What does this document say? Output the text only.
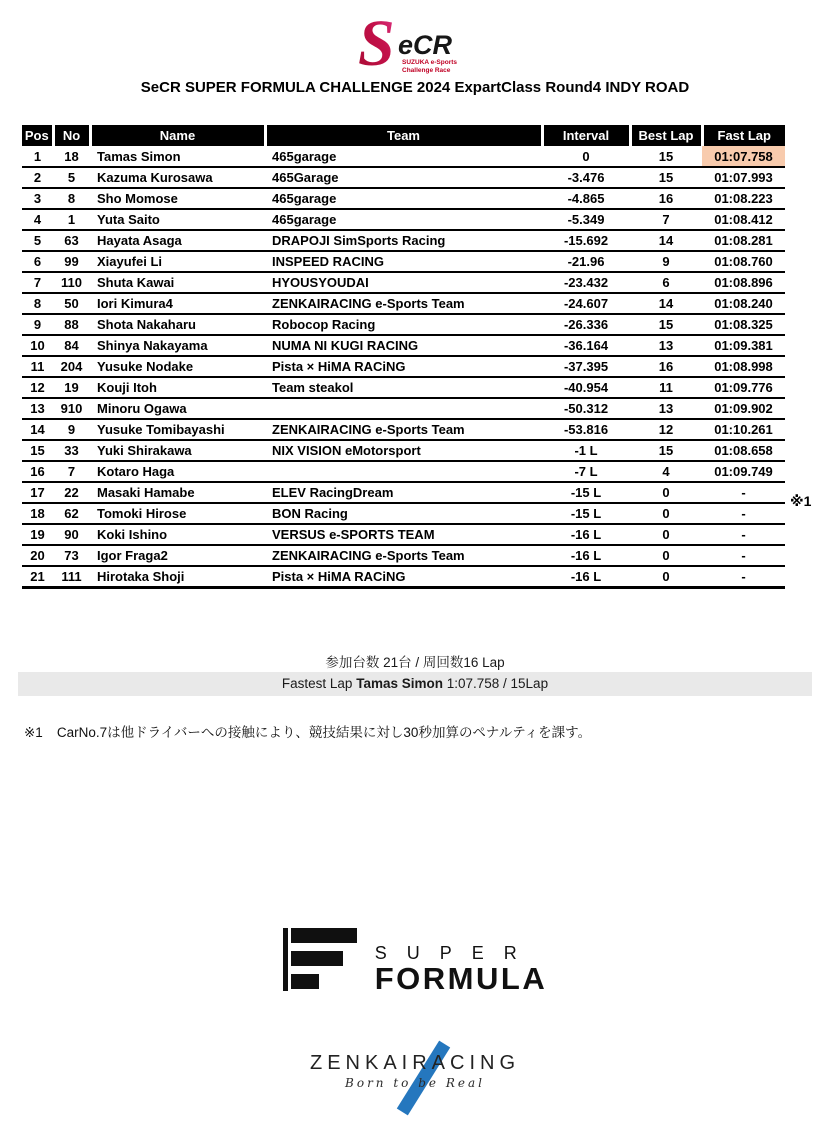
S eCR
SUZUKA e-Sports
Challenge Race
SeCR SUPER FORMULA CHALLENGE 2024 ExpartClass Round4 INDY ROAD
Pos	No	Name	Team	Interval	Best Lap	Fast Lap
1	18	Tamas Simon	465garage	0	15	01:07.758
2	5	Kazuma Kurosawa	465Garage	-3.476	15	01:07.993
3	8	Sho Momose	465garage	-4.865	16	01:08.223
4	1	Yuta Saito	465garage	-5.349	7	01:08.412
5	63	Hayata Asaga	DRAPOJI SimSports Racing	-15.692	14	01:08.281
6	99	Xiayufei Li	INSPEED RACING	-21.96	9	01:08.760
7	110	Shuta Kawai	HYOUSYOUDAI	-23.432	6	01:08.896
8	50	Iori Kimura4	ZENKAIRACING e-Sports Team	-24.607	14	01:08.240
9	88	Shota Nakaharu	Robocop Racing	-26.336	15	01:08.325
10	84	Shinya Nakayama	NUMA NI KUGI RACING	-36.164	13	01:09.381
11	204	Yusuke Nodake	Pista × HiMA RACiNG	-37.395	16	01:08.998
12	19	Kouji Itoh	Team steakol	-40.954	11	01:09.776
13	910	Minoru Ogawa		-50.312	13	01:09.902
14	9	Yusuke Tomibayashi	ZENKAIRACING e-Sports Team	-53.816	12	01:10.261
15	33	Yuki Shirakawa	NIX VISION eMotorsport	-1 L	15	01:08.658
16	7	Kotaro Haga		-7 L	4	01:09.749
17	22	Masaki Hamabe	ELEV RacingDream	-15 L	0	-
18	62	Tomoki Hirose	BON Racing	-15 L	0	-
19	90	Koki Ishino	VERSUS e-SPORTS TEAM	-16 L	0	-
20	73	Igor Fraga2	ZENKAIRACING e-Sports Team	-16 L	0	-
21	111	Hirotaka Shoji	Pista × HiMA RACiNG	-16 L	0	-
※1
参加台数 21台 / 周回数16 Lap
Fastest Lap Tamas Simon 1:07.758 / 15Lap
※1 CarNo.7は他ドライバーへの接触により、競技結果に対し30秒加算のペナルティを課す。
SUPER
FORMULA
ZENKAIRACING
Born to be Real
